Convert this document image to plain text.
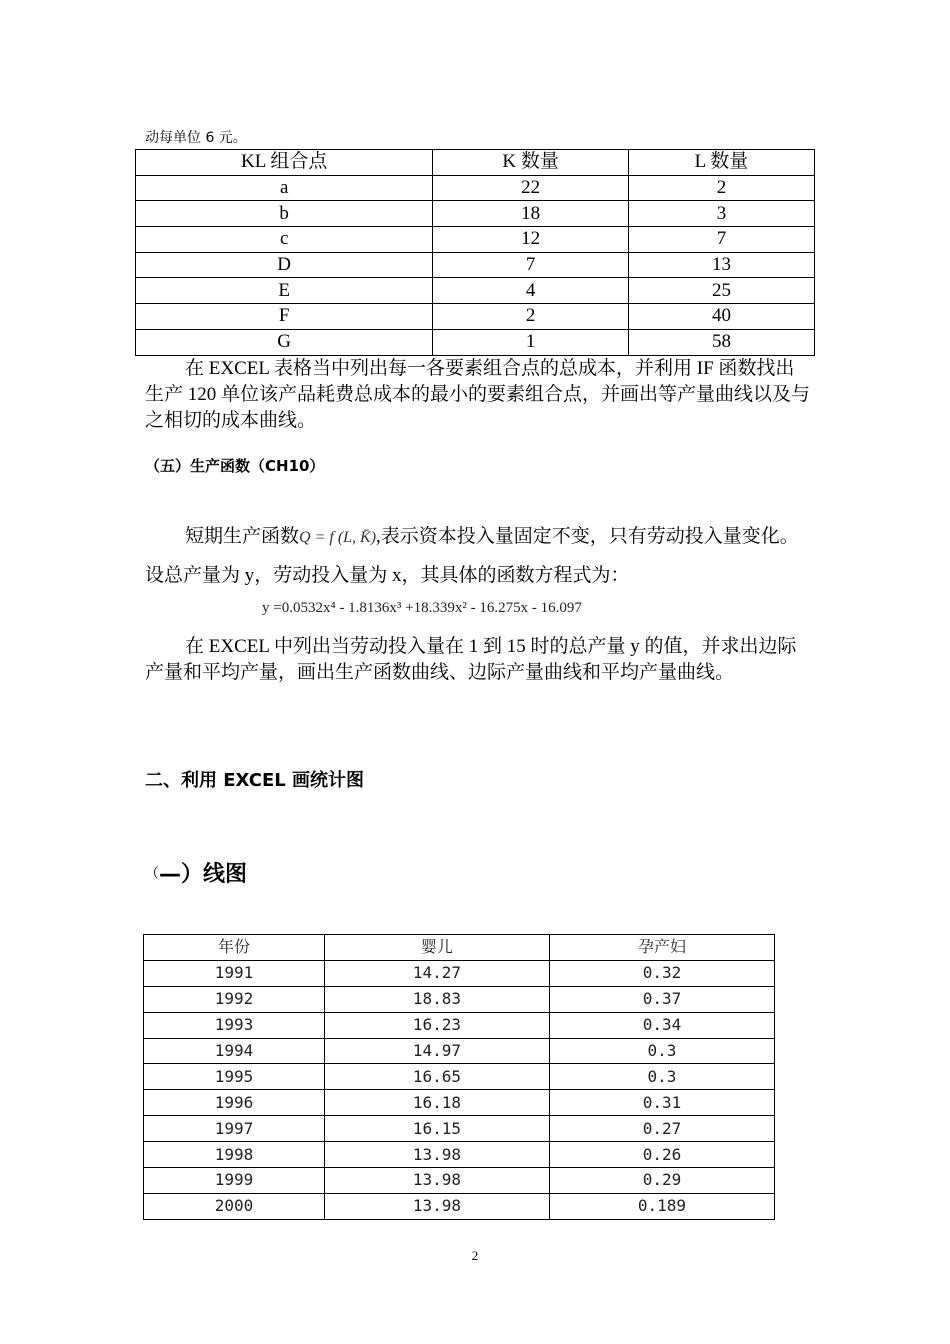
动每单位 6 元。
KL 组合点	K 数量	L 数量
a	22	2
b	18	3
c	12	7
D	7	13
E	4	25
F	2	40
G	1	58
在 EXCEL 表格当中列出每一各要素组合点的总成本，并利用 IF 函数找出生产 120 单位该产品耗费总成本的最小的要素组合点，并画出等产量曲线以及与之相切的成本曲线。
（五）生产函数（CH10）
短期生产函数Q = f (L, K̄),表示资本投入量固定不变，只有劳动投入量变化。设总产量为 y，劳动投入量为 x，其具体的函数方程式为：
y =0.0532x⁴ - 1.8136x³ +18.339x² - 16.275x - 16.097
在 EXCEL 中列出当劳动投入量在 1 到 15 时的总产量 y 的值，并求出边际产量和平均产量，画出生产函数曲线、边际产量曲线和平均产量曲线。
二、利用 EXCEL 画统计图
（—）线图
年份	婴儿	孕产妇
1991	14.27	0.32
1992	18.83	0.37
1993	16.23	0.34
1994	14.97	0.3
1995	16.65	0.3
1996	16.18	0.31
1997	16.15	0.27
1998	13.98	0.26
1999	13.98	0.29
2000	13.98	0.189
2
